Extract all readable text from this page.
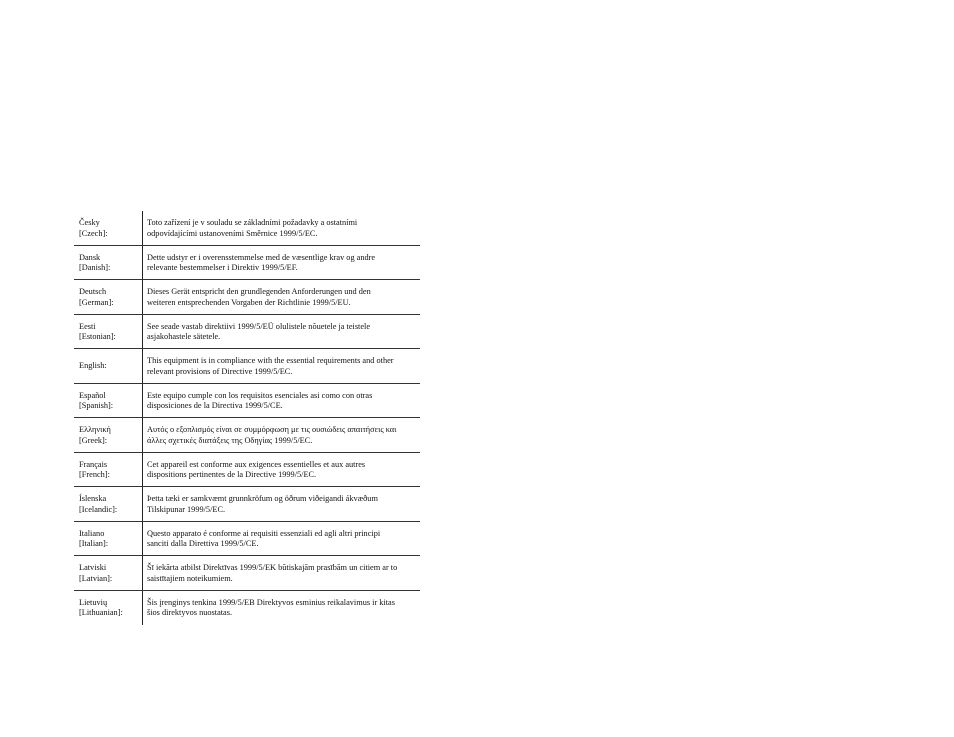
Česky
[Czech]:
Toto zařízení je v souladu se základními požadavky a ostatními
odpovídajícími ustanoveními Směrnice 1999/5/EC.
Dansk
[Danish]:
Dette udstyr er i overensstemmelse med de væsentlige krav og andre
relevante bestemmelser i Direktiv 1999/5/EF.
Deutsch
[German]:
Dieses Gerät entspricht den grundlegenden Anforderungen und den
weiteren entsprechenden Vorgaben der Richtlinie 1999/5/EU.
Eesti
[Estonian]:
See seade vastab direktiivi 1999/5/EÜ olulistele nõuetele ja teistele
asjakohastele sätetele.
English:
This equipment is in compliance with the essential requirements and other
relevant provisions of Directive 1999/5/EC.
Español
[Spanish]:
Este equipo cumple con los requisitos esenciales asi como con otras
disposiciones de la Directiva 1999/5/CE.
Ελληνική
[Greek]:
Αυτός ο εξοπλισμός είναι σε συμμόρφωση με τις ουσιώδεις απαιτήσεις και
άλλες σχετικές διατάξεις της Οδηγίας 1999/5/EC.
Français
[French]:
Cet appareil est conforme aux exigences essentielles et aux autres
dispositions pertinentes de la Directive 1999/5/EC.
Íslenska
[Icelandic]:
Þetta tæki er samkvæmt grunnkröfum og öðrum viðeigandi ákvæðum
Tilskipunar 1999/5/EC.
Italiano
[Italian]:
Questo apparato é conforme ai requisiti essenziali ed agli altri principi
sanciti dalla Direttiva 1999/5/CE.
Latviski
[Latvian]:
Šī iekārta atbilst Direktīvas 1999/5/EK būtiskajām prasībām un citiem ar to
saistītajiem noteikumiem.
Lietuvių
[Lithuanian]:
Šis įrenginys tenkina 1999/5/EB Direktyvos esminius reikalavimus ir kitas
šios direktyvos nuostatas.
